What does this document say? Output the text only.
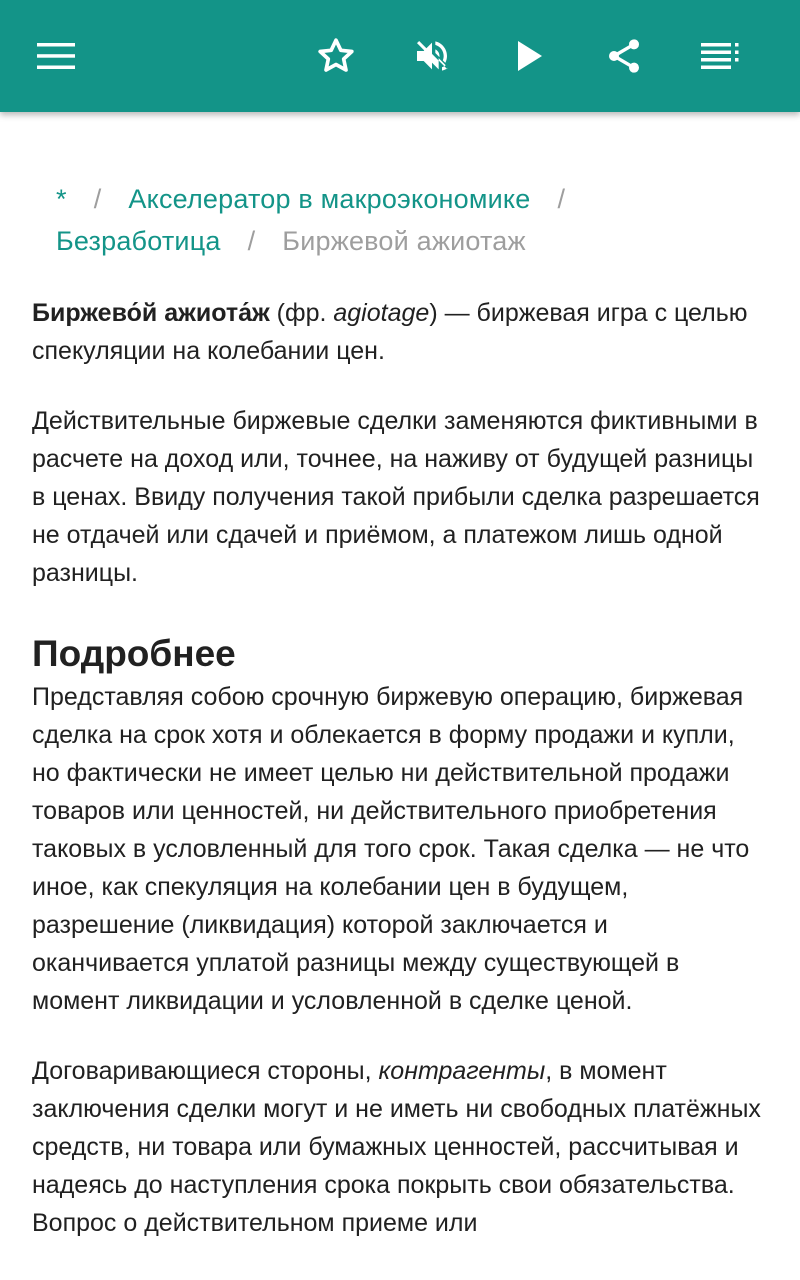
* / Акселератор в макроэкономике /
Безработица / Биржевой ажиотаж

Биржево́й ажиота́ж (фр. agiotage) — биржевая игра с целью спекуляции на колебании цен.

Действительные биржевые сделки заменяются фиктивными в расчете на доход или, точнее, на наживу от будущей разницы в ценах. Ввиду получения такой прибыли сделка разрешается не отдачей или сдачей и приёмом, а платежом лишь одной разницы.

Подробнее

Представляя собою срочную биржевую операцию, биржевая сделка на срок хотя и облекается в форму продажи и купли, но фактически не имеет целью ни действительной продажи товаров или ценностей, ни действительного приобретения таковых в условленный для того срок. Такая сделка — не что иное, как спекуляция на колебании цен в будущем, разрешение (ликвидация) которой заключается и оканчивается уплатой разницы между существующей в момент ликвидации и условленной в сделке ценой.

Договаривающиеся стороны, контрагенты, в момент заключения сделки могут и не иметь ни свободных платёжных средств, ни товара или бумажных ценностей, рассчитывая и надеясь до наступления срока покрыть свои обязательства. Вопрос о действительном приеме или
